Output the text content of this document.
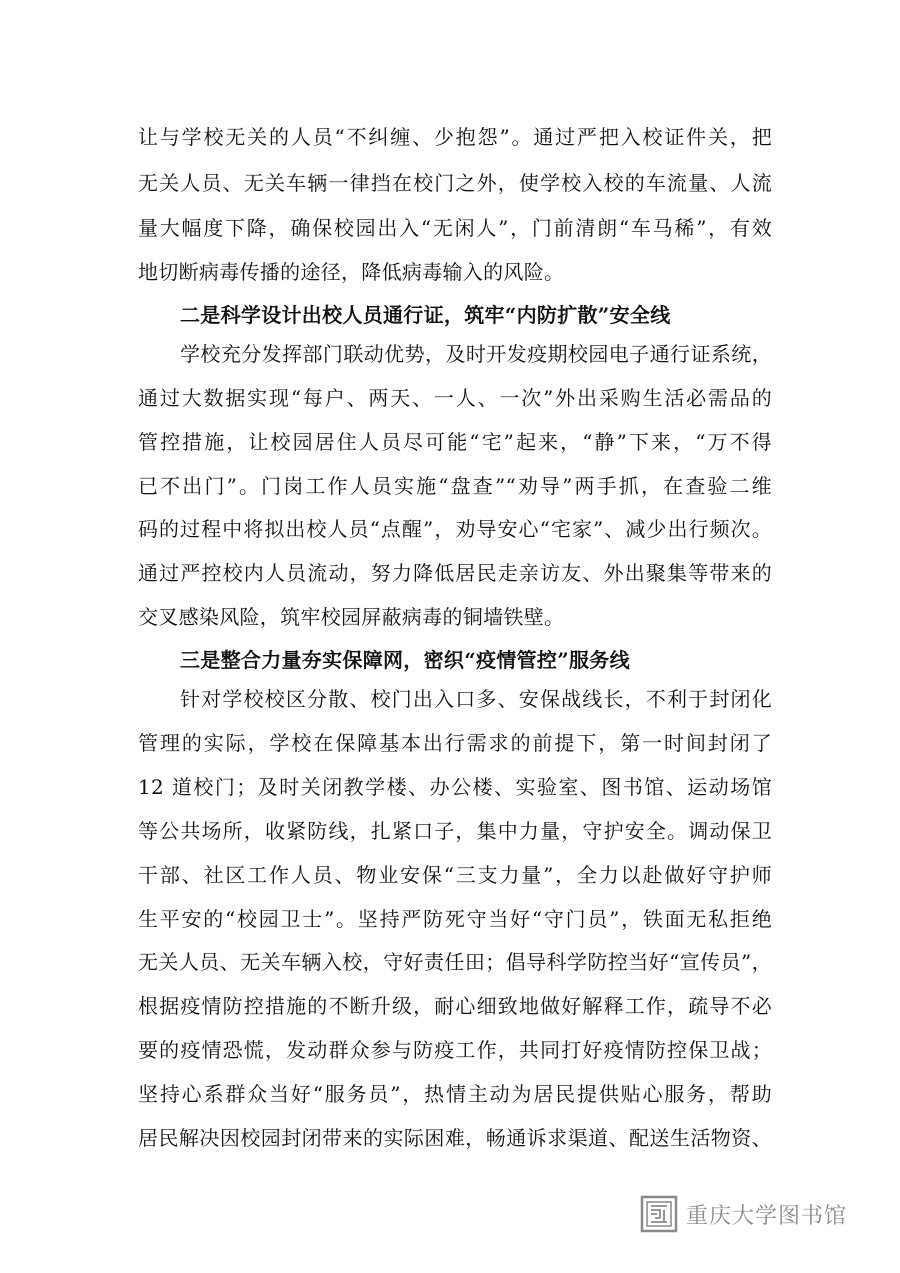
让与学校无关的人员“不纠缠、少抱怨”。通过严把入校证件关，把
无关人员、无关车辆一律挡在校门之外，使学校入校的车流量、人流
量大幅度下降，确保校园出入“无闲人”，门前清朗“车马稀”，有效
地切断病毒传播的途径，降低病毒输入的风险。
二是科学设计出校人员通行证，筑牢“内防扩散”安全线
学校充分发挥部门联动优势，及时开发疫期校园电子通行证系统，
通过大数据实现“每户、两天、一人、一次”外出采购生活必需品的
管控措施，让校园居住人员尽可能“宅”起来，“静”下来，“万不得
已不出门”。门岗工作人员实施“盘查”“劝导”两手抓，在查验二维
码的过程中将拟出校人员“点醒”，劝导安心“宅家”、减少出行频次。
通过严控校内人员流动，努力降低居民走亲访友、外出聚集等带来的
交叉感染风险，筑牢校园屏蔽病毒的铜墙铁壁。
三是整合力量夯实保障网，密织“疫情管控”服务线
针对学校校区分散、校门出入口多、安保战线长，不利于封闭化
管理的实际，学校在保障基本出行需求的前提下，第一时间封闭了
12 道校门；及时关闭教学楼、办公楼、实验室、图书馆、运动场馆
等公共场所，收紧防线，扎紧口子，集中力量，守护安全。调动保卫
干部、社区工作人员、物业安保“三支力量”，全力以赴做好守护师
生平安的“校园卫士”。坚持严防死守当好“守门员”，铁面无私拒绝
无关人员、无关车辆入校，守好责任田；倡导科学防控当好“宣传员”，
根据疫情防控措施的不断升级，耐心细致地做好解释工作，疏导不必
要的疫情恐慌，发动群众参与防疫工作，共同打好疫情防控保卫战；
坚持心系群众当好“服务员”，热情主动为居民提供贴心服务，帮助
居民解决因校园封闭带来的实际困难，畅通诉求渠道、配送生活物资、
重庆大学图书馆
